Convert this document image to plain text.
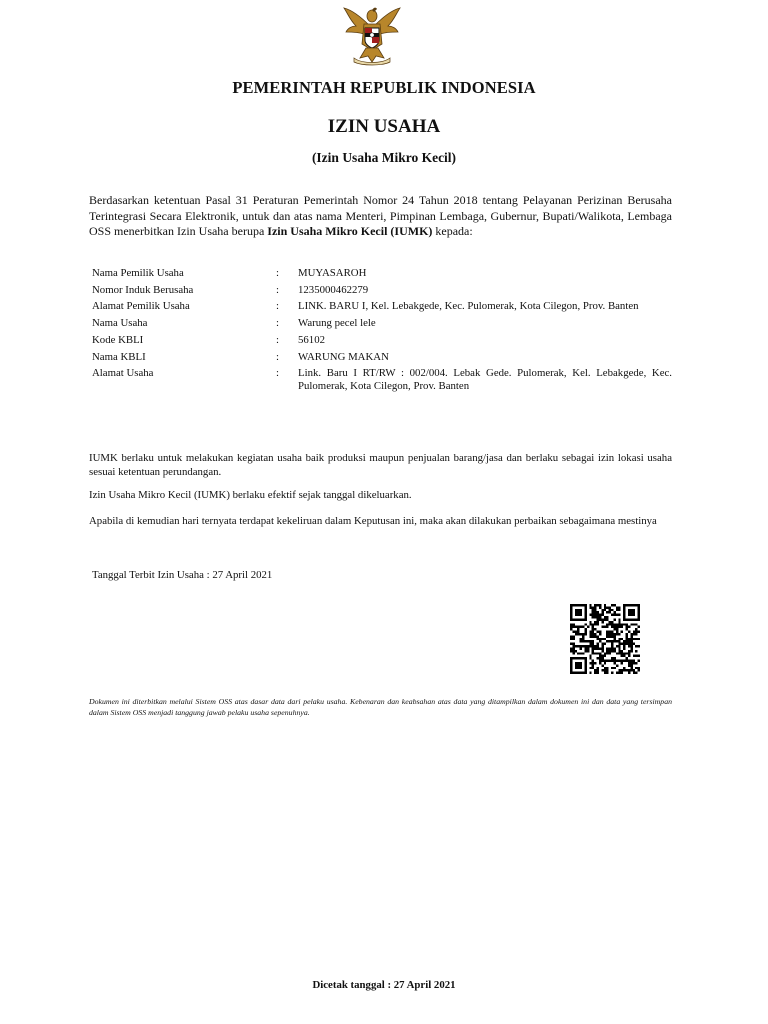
PEMERINTAH REPUBLIK INDONESIA
IZIN USAHA
(Izin Usaha Mikro Kecil)
Berdasarkan ketentuan Pasal 31 Peraturan Pemerintah Nomor 24 Tahun 2018 tentang Pelayanan Perizinan Berusaha Terintegrasi Secara Elektronik, untuk dan atas nama Menteri, Pimpinan Lembaga, Gubernur, Bupati/Walikota, Lembaga OSS menerbitkan Izin Usaha berupa Izin Usaha Mikro Kecil (IUMK) kepada:
Nama Pemilik Usaha	:	MUYASAROH
Nomor Induk Berusaha	:	1235000462279
Alamat Pemilik Usaha	:	LINK. BARU I, Kel. Lebakgede, Kec. Pulomerak, Kota Cilegon, Prov. Banten
Nama Usaha	:	Warung pecel lele
Kode KBLI	:	56102
Nama KBLI	:	WARUNG MAKAN
Alamat Usaha	:	Link. Baru I RT/RW : 002/004. Lebak Gede. Pulomerak, Kel. Lebakgede, Kec. Pulomerak, Kota Cilegon, Prov. Banten
IUMK berlaku untuk melakukan kegiatan usaha baik produksi maupun penjualan barang/jasa dan berlaku sebagai izin lokasi usaha sesuai ketentuan perundangan.
Izin Usaha Mikro Kecil (IUMK) berlaku efektif sejak tanggal dikeluarkan.
Apabila di kemudian hari ternyata terdapat kekeliruan dalam Keputusan ini, maka akan dilakukan perbaikan sebagaimana mestinya
Tanggal Terbit Izin Usaha : 27 April 2021
Dokumen ini diterbitkan melalui Sistem OSS atas dasar data dari pelaku usaha. Kebenaran dan keabsahan atas data yang ditampilkan dalam dokumen ini dan data yang tersimpan dalam Sistem OSS menjadi tanggung jawab pelaku usaha sepenuhnya.
Dicetak tanggal : 27 April 2021
